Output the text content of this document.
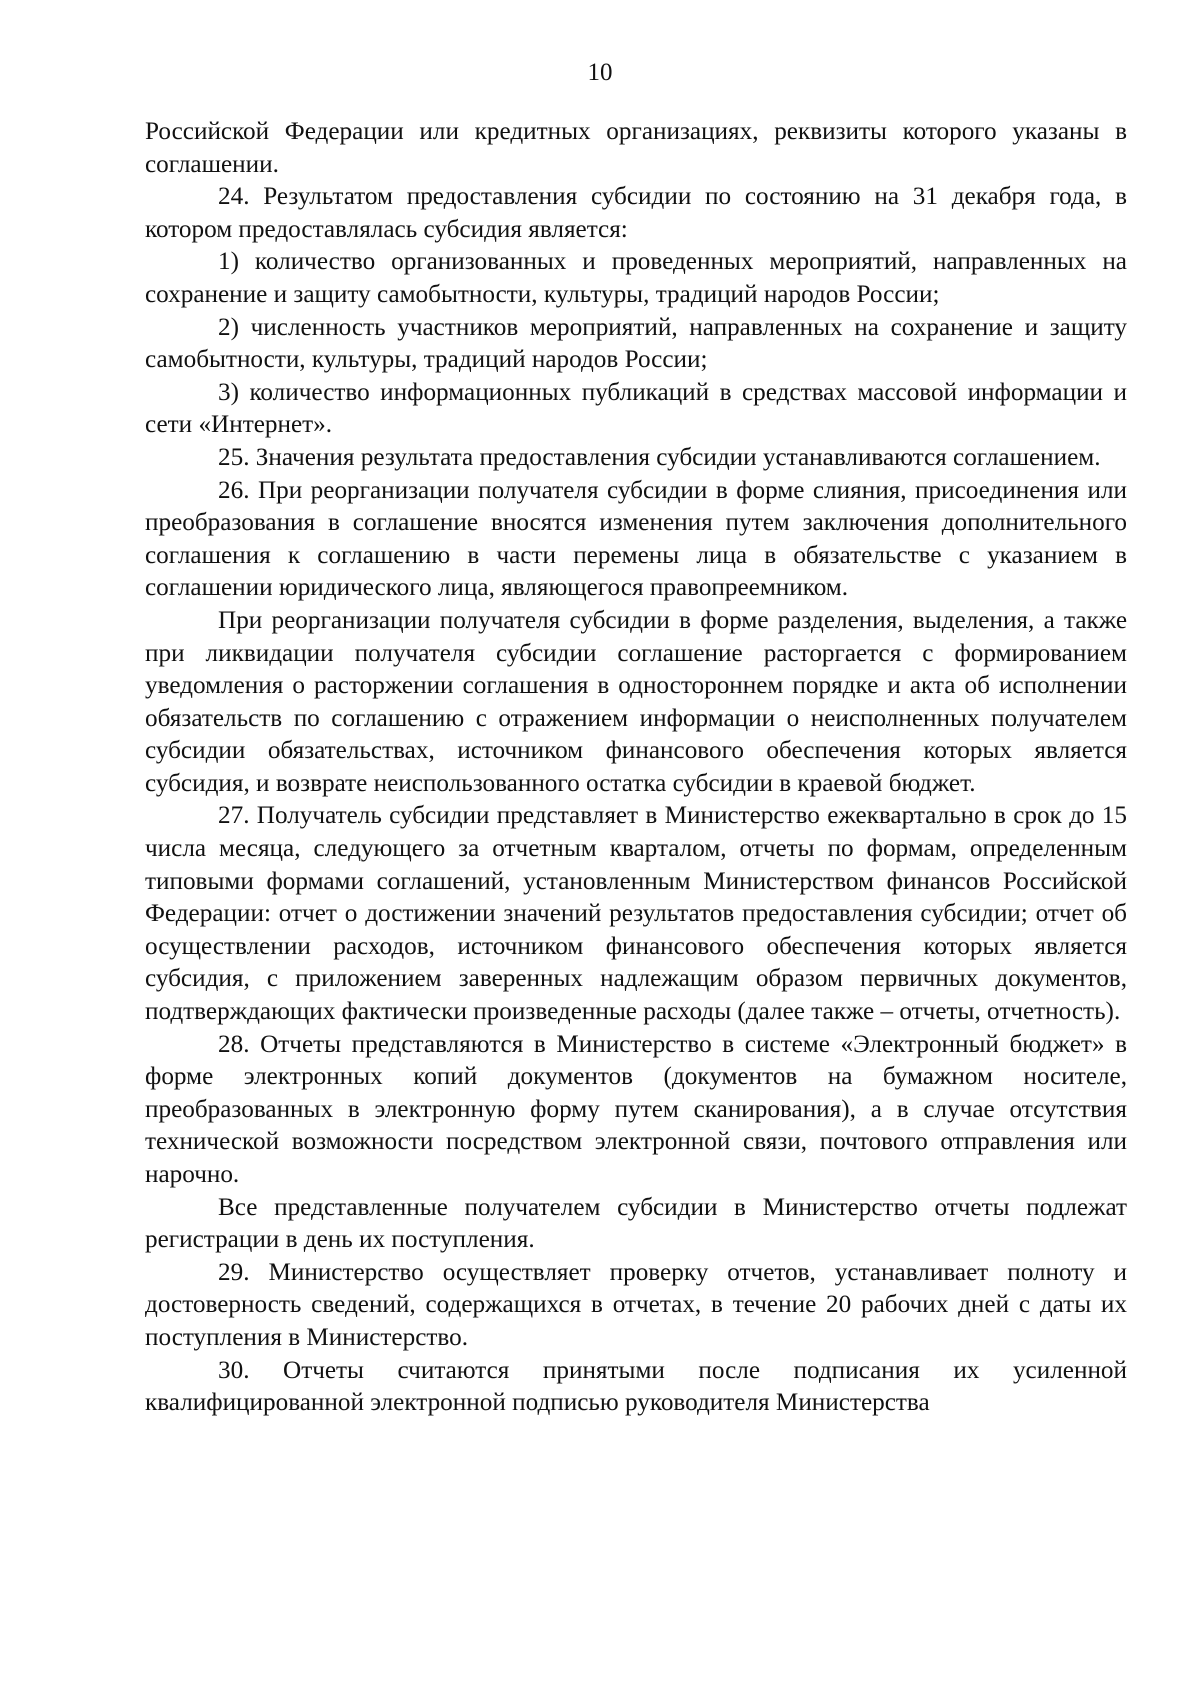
10

Российской Федерации или кредитных организациях, реквизиты которого указаны в соглашении.

24. Результатом предоставления субсидии по состоянию на 31 декабря года, в котором предоставлялась субсидия является:

1) количество организованных и проведенных мероприятий, направленных на сохранение и защиту самобытности, культуры, традиций народов России;

2) численность участников мероприятий, направленных на сохранение и защиту самобытности, культуры, традиций народов России;

3) количество информационных публикаций в средствах массовой информации и сети «Интернет».

25. Значения результата предоставления субсидии устанавливаются соглашением.

26. При реорганизации получателя субсидии в форме слияния, присоединения или преобразования в соглашение вносятся изменения путем заключения дополнительного соглашения к соглашению в части перемены лица в обязательстве с указанием в соглашении юридического лица, являющегося правопреемником.

При реорганизации получателя субсидии в форме разделения, выделения, а также при ликвидации получателя субсидии соглашение расторгается с формированием уведомления о расторжении соглашения в одностороннем порядке и акта об исполнении обязательств по соглашению с отражением информации о неисполненных получателем субсидии обязательствах, источником финансового обеспечения которых является субсидия, и возврате неиспользованного остатка субсидии в краевой бюджет.

27. Получатель субсидии представляет в Министерство ежеквартально в срок до 15 числа месяца, следующего за отчетным кварталом, отчеты по формам, определенным типовыми формами соглашений, установленным Министерством финансов Российской Федерации: отчет о достижении значений результатов предоставления субсидии; отчет об осуществлении расходов, источником финансового обеспечения которых является субсидия, с приложением заверенных надлежащим образом первичных документов, подтверждающих фактически произведенные расходы (далее также – отчеты, отчетность).

28. Отчеты представляются в Министерство в системе «Электронный бюджет» в форме электронных копий документов (документов на бумажном носителе, преобразованных в электронную форму путем сканирования), а в случае отсутствия технической возможности посредством электронной связи, почтового отправления или нарочно.

Все представленные получателем субсидии в Министерство отчеты подлежат регистрации в день их поступления.

29. Министерство осуществляет проверку отчетов, устанавливает полноту и достоверность сведений, содержащихся в отчетах, в течение 20 рабочих дней с даты их поступления в Министерство.

30. Отчеты считаются принятыми после подписания их усиленной квалифицированной электронной подписью руководителя Министерства
